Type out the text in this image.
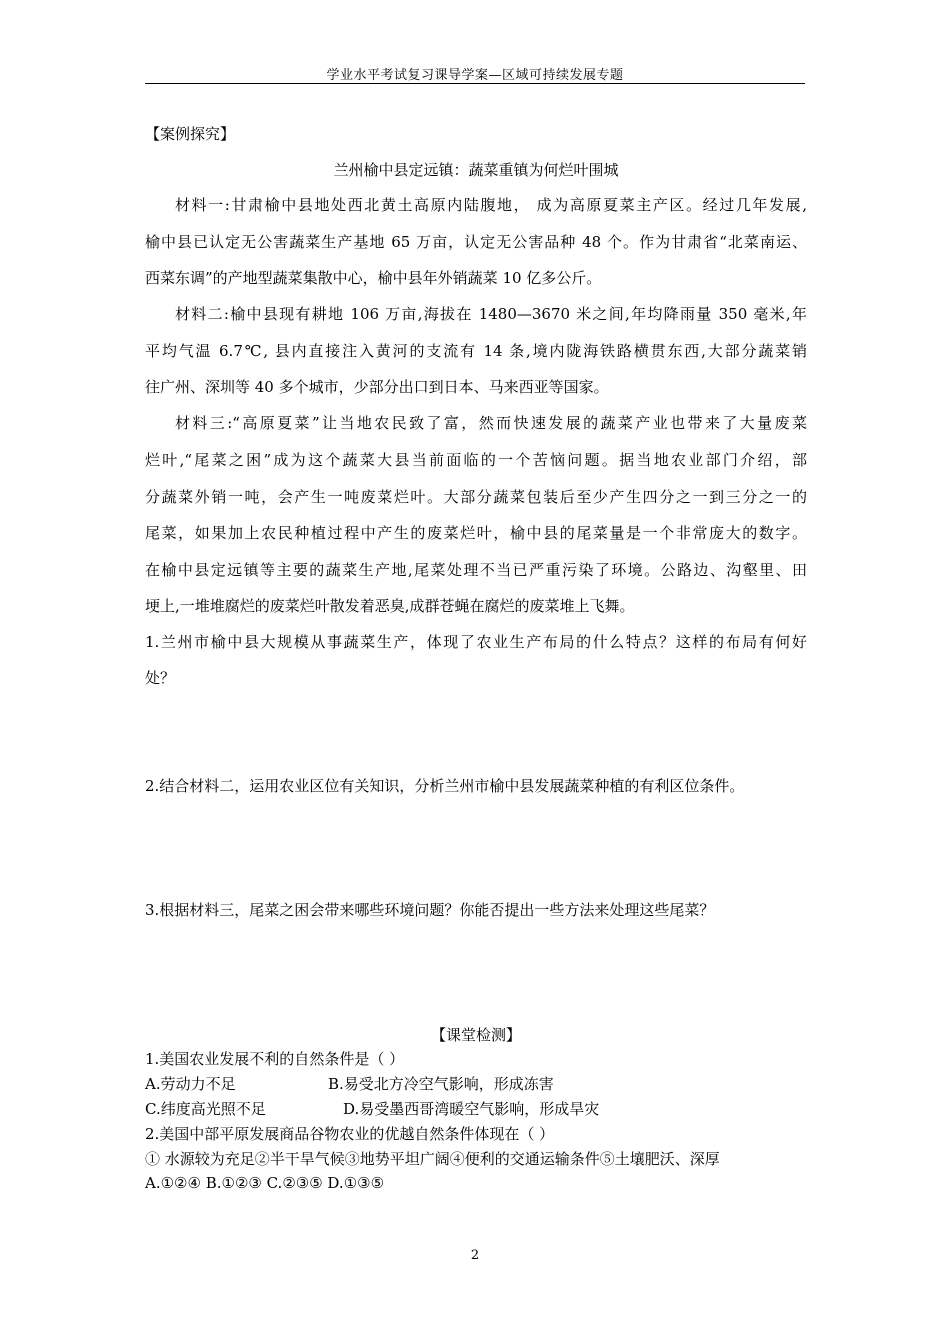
学业水平考试复习课导学案—区域可持续发展专题
【案例探究】
兰州榆中县定远镇：蔬菜重镇为何烂叶围城
材料一:甘肃榆中县地处西北黄土高原内陆腹地， 成为高原夏菜主产区。经过几年发展,
榆中县已认定无公害蔬菜生产基地 65 万亩，认定无公害品种 48 个。作为甘肃省“北菜南运、
西菜东调”的产地型蔬菜集散中心，榆中县年外销蔬菜 10 亿多公斤。
材料二:榆中县现有耕地 106 万亩,海拔在 1480—3670 米之间,年均降雨量 350 毫米,年
平均气温 6.7℃, 县内直接注入黄河的支流有 14 条,境内陇海铁路横贯东西,大部分蔬菜销
往广州、深圳等 40 多个城市，少部分出口到日本、马来西亚等国家。
材料三:“高原夏菜”让当地农民致了富，然而快速发展的蔬菜产业也带来了大量废菜
烂叶,“尾菜之困”成为这个蔬菜大县当前面临的一个苦恼问题。据当地农业部门介绍，部
分蔬菜外销一吨，会产生一吨废菜烂叶。大部分蔬菜包装后至少产生四分之一到三分之一的
尾菜，如果加上农民种植过程中产生的废菜烂叶，榆中县的尾菜量是一个非常庞大的数字。
在榆中县定远镇等主要的蔬菜生产地,尾菜处理不当已严重污染了环境。公路边、沟壑里、田
埂上,一堆堆腐烂的废菜烂叶散发着恶臭,成群苍蝇在腐烂的废菜堆上飞舞。
1.兰州市榆中县大规模从事蔬菜生产，体现了农业生产布局的什么特点？这样的布局有何好
处？
2.结合材料二，运用农业区位有关知识，分析兰州市榆中县发展蔬菜种植的有利区位条件。
3.根据材料三，尾菜之困会带来哪些环境问题？你能否提出一些方法来处理这些尾菜？
【课堂检测】
1.美国农业发展不利的自然条件是（ ）
A.劳动力不足	B.易受北方冷空气影响，形成冻害
C.纬度高光照不足	D.易受墨西哥湾暖空气影响，形成旱灾
2.美国中部平原发展商品谷物农业的优越自然条件体现在（ ）
① 水源较为充足②半干旱气候③地势平坦广阔④便利的交通运输条件⑤土壤肥沃、深厚
A.①②④ B.①②③ C.②③⑤ D.①③⑤
2
